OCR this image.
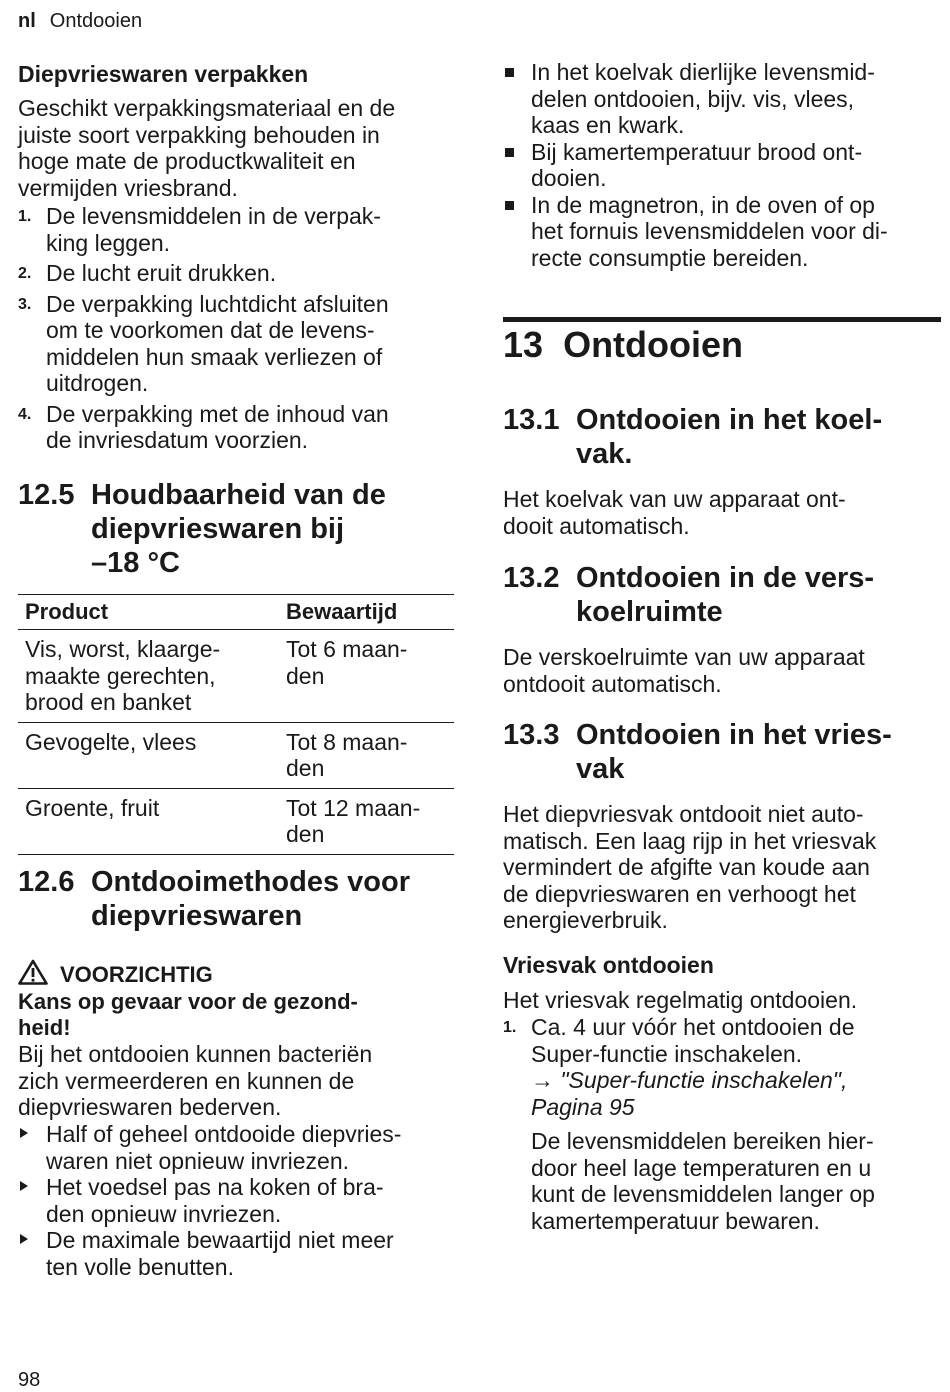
nl Ontdooien
Diepvrieswaren verpakken

Geschikt verpakkingsmateriaal en de
juiste soort verpakking behouden in
hoge mate de productkwaliteit en
vermijden vriesbrand.

1. De levensmiddelen in de verpak-
king leggen.
2. De lucht eruit drukken.
3. De verpakking luchtdicht afsluiten
om te voorkomen dat de levens-
middelen hun smaak verliezen of
uitdrogen.
4. De verpakking met de inhoud van
de invriesdatum voorzien.
12.5 Houdbaarheid van de
diepvrieswaren bij
–18 °C
Product	Bewaartijd
Vis, worst, klaarge-
maakte gerechten,
brood en banket	Tot 6 maan-
den
Gevogelte, vlees	Tot 8 maan-
den
Groente, fruit	Tot 12 maan-
den
12.6 Ontdooimethodes voor
diepvrieswaren
VOORZICHTIG
Kans op gevaar voor de gezond-
heid!

Bij het ontdooien kunnen bacteriën
zich vermeerderen en kunnen de
diepvrieswaren bederven.

Half of geheel ontdooide diepvries-
waren niet opnieuw invriezen.
Het voedsel pas na koken of bra-
den opnieuw invriezen.
De maximale bewaartijd niet meer
ten volle benutten.
In het koelvak dierlijke levensmid-
delen ontdooien, bijv. vis, vlees,
kaas en kwark.
Bij kamertemperatuur brood ont-
dooien.
In de magnetron, in de oven of op
het fornuis levensmiddelen voor di-
recte consumptie bereiden.
13 Ontdooien
13.1 Ontdooien in het koel-
vak.

Het koelvak van uw apparaat ont-
dooit automatisch.

13.2 Ontdooien in de vers-
koelruimte

De verskoelruimte van uw apparaat
ontdooit automatisch.

13.3 Ontdooien in het vries-
vak

Het diepvriesvak ontdooit niet auto-
matisch. Een laag rijp in het vriesvak
vermindert de afgifte van koude aan
de diepvrieswaren en verhoogt het
energieverbruik.

Vriesvak ontdooien

Het vriesvak regelmatig ontdooien.

1. Ca. 4 uur vóór het ontdooien de
Super-functie inschakelen.
→ "Super-functie inschakelen",
Pagina 95
De levensmiddelen bereiken hier-
door heel lage temperaturen en u
kunt de levensmiddelen langer op
kamertemperatuur bewaren.
98
